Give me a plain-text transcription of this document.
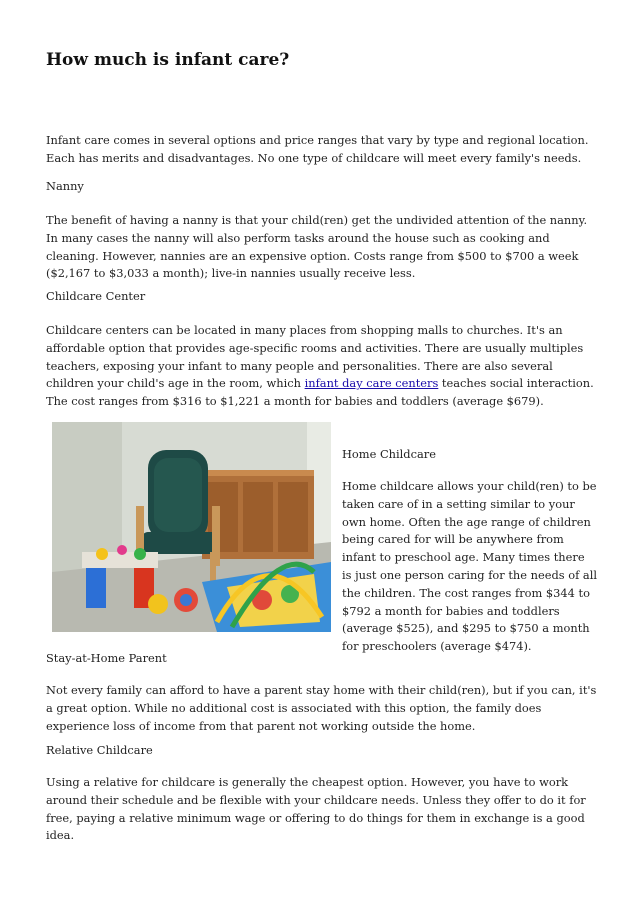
How much is infant care?

Infant care comes in several options and price ranges that vary by type and regional location. Each has merits and disadvantages. No one type of childcare will meet every family's needs.

Nanny

The benefit of having a nanny is that your child(ren) get the undivided attention of the nanny. In many cases the nanny will also perform tasks around the house such as cooking and cleaning. However, nannies are an expensive option. Costs range from $500 to $700 a week ($2,167 to $3,033 a month); live-in nannies usually receive less.

Childcare Center

Childcare centers can be located in many places from shopping malls to churches. It's an affordable option that provides age-specific rooms and activities. There are usually multiples teachers, exposing your infant to many people and personalities. There are also several children your child's age in the room, which infant day care centers teaches social interaction. The cost ranges from $316 to $1,221 a month for babies and toddlers (average $679).

Home Childcare

Home childcare allows your child(ren) to be taken care of in a setting similar to your own home. Often the age range of children being cared for will be anywhere from infant to preschool age. Many times there is just one person caring for the needs of all the children. The cost ranges from $344 to $792 a month for babies and toddlers (average $525), and $295 to $750 a month for preschoolers (average $474).

Stay-at-Home Parent

Not every family can afford to have a parent stay home with their child(ren), but if you can, it's a great option. While no additional cost is associated with this option, the family does experience loss of income from that parent not working outside the home.

Relative Childcare

Using a relative for childcare is generally the cheapest option. However, you have to work around their schedule and be flexible with your childcare needs. Unless they offer to do it for free, paying a relative minimum wage or offering to do things for them in exchange is a good idea.
